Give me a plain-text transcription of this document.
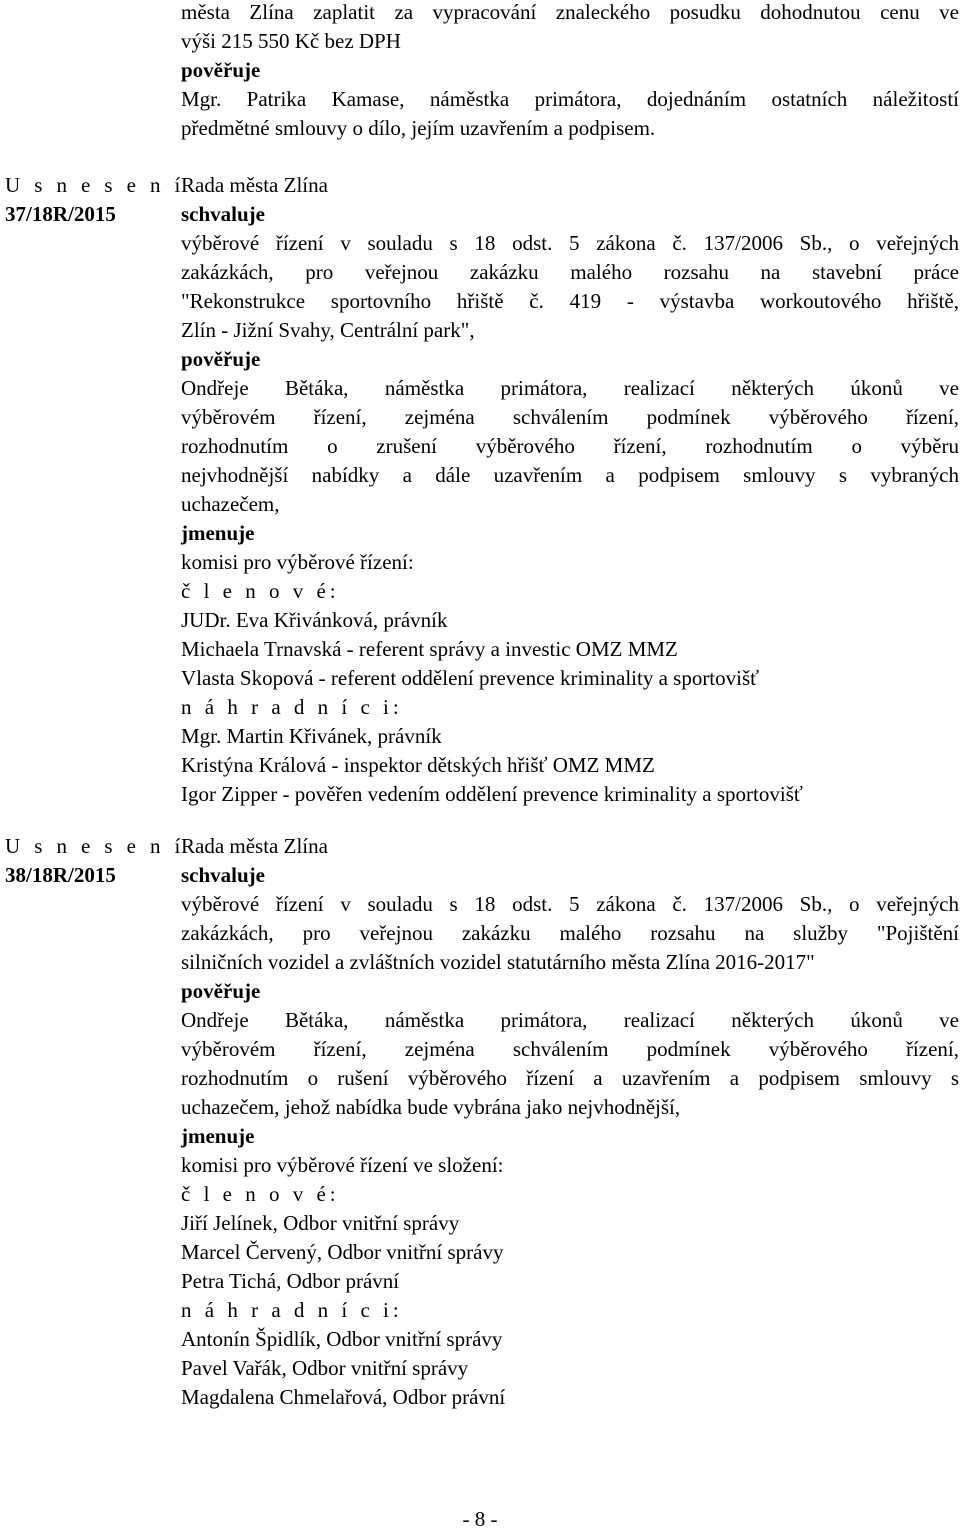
města Zlína zaplatit za vypracování znaleckého posudku dohodnutou cenu ve
výši 215 550 Kč bez DPH
pověřuje
Mgr. Patrika Kamase, náměstka primátora, dojednáním ostatních náležitostí
předmětné smlouvy o dílo, jejím uzavřením a podpisem.
U s n e s e n í
37/18R/2015
Rada města Zlína
schvaluje
výběrové řízení v souladu s 18 odst. 5 zákona č. 137/2006 Sb., o veřejných
zakázkách, pro veřejnou zakázku malého rozsahu na stavební práce
"Rekonstrukce sportovního hřiště č. 419 - výstavba workoutového hřiště,
Zlín - Jižní Svahy, Centrální park",
pověřuje
Ondřeje Bětáka, náměstka primátora, realizací některých úkonů ve
výběrovém řízení, zejména schválením podmínek výběrového řízení,
rozhodnutím o zrušení výběrového řízení, rozhodnutím o výběru
nejvhodnější nabídky a dále uzavřením a podpisem smlouvy s vybraných
uchazečem,
jmenuje
komisi pro výběrové řízení:
č l e n o v é:
JUDr. Eva Křivánková, právník
Michaela Trnavská - referent správy a investic OMZ MMZ
Vlasta Skopová - referent oddělení prevence kriminality a sportovišť
n á h r a d n í c i:
Mgr. Martin Křivánek, právník
Kristýna Králová - inspektor dětských hřišť OMZ MMZ
Igor Zipper - pověřen vedením oddělení prevence kriminality a sportovišť
U s n e s e n í
38/18R/2015
Rada města Zlína
schvaluje
výběrové řízení v souladu s 18 odst. 5 zákona č. 137/2006 Sb., o veřejných
zakázkách, pro veřejnou zakázku malého rozsahu na služby "Pojištění
silničních vozidel a zvláštních vozidel statutárního města Zlína 2016-2017"
pověřuje
Ondřeje Bětáka, náměstka primátora, realizací některých úkonů ve
výběrovém řízení, zejména schválením podmínek výběrového řízení,
rozhodnutím o rušení výběrového řízení a uzavřením a podpisem smlouvy s
uchazečem, jehož nabídka bude vybrána jako nejvhodnější,
jmenuje
komisi pro výběrové řízení ve složení:
č l e n o v é:
Jiří Jelínek, Odbor vnitřní správy
Marcel Červený, Odbor vnitřní správy
Petra Tichá, Odbor právní
n á h r a d n í c i:
Antonín Špidlík, Odbor vnitřní správy
Pavel Vařák, Odbor vnitřní správy
Magdalena Chmelařová, Odbor právní
- 8 -
